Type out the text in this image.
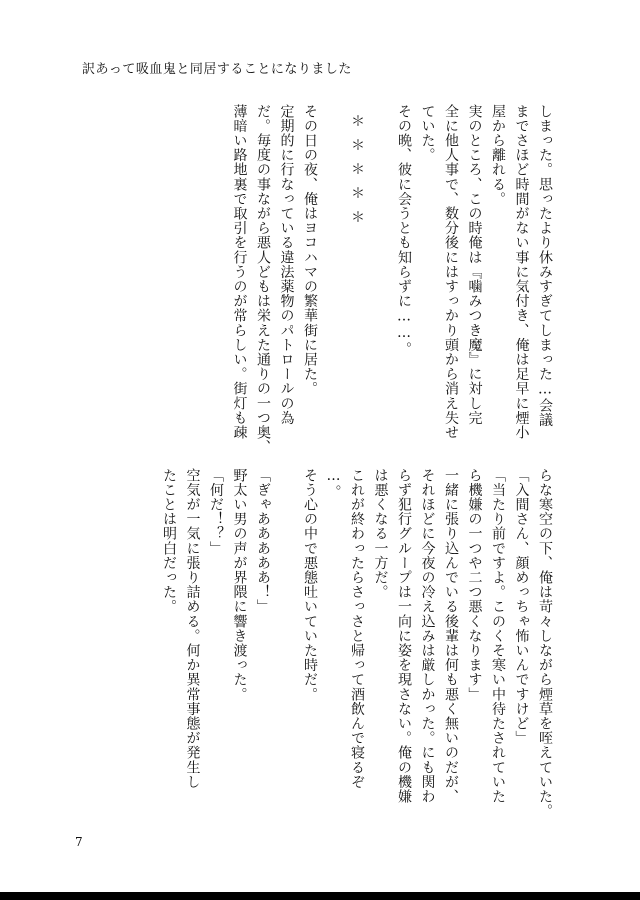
訳あって吸血鬼と同居することになりました

しまった。思ったより休みすぎてしまった…会議

までさほど時間がない事に気付き、俺は足早に煙小

屋から離れる。

実のところ、この時俺は『噛みつき魔』に対し完

全に他人事で、数分後にはすっかり頭から消え失せ

ていた。

その晩、彼に会うとも知らずに……。

＊＊＊＊＊

その日の夜、俺はヨコハマの繁華街に居た。

定期的に行なっている違法薬物のパトロールの為

だ。毎度の事ながら悪人どもは栄えた通りの一つ奥、

薄暗い路地裏で取引を行うのが常らしい。街灯も疎

らな寒空の下、俺は苛々しながら煙草を咥えていた。

「入間さん、顔めっちゃ怖いんですけど」

「当たり前ですよ。このくそ寒い中待たされていた

ら機嫌の一つや二つ悪くなります」

一緒に張り込んでいる後輩は何も悪く無いのだが、

それほどに今夜の冷え込みは厳しかった。にも関わ

らず犯行グループは一向に姿を現さない。俺の機嫌

は悪くなる一方だ。

これが終わったらさっさと帰って酒飲んで寝るぞ

…。

そう心の中で悪態吐いていた時だ。

「ぎゃあああああ！」

野太い男の声が界隈に響き渡った。

「何だ！？」

空気が一気に張り詰める。何か異常事態が発生し

たことは明白だった。

7
